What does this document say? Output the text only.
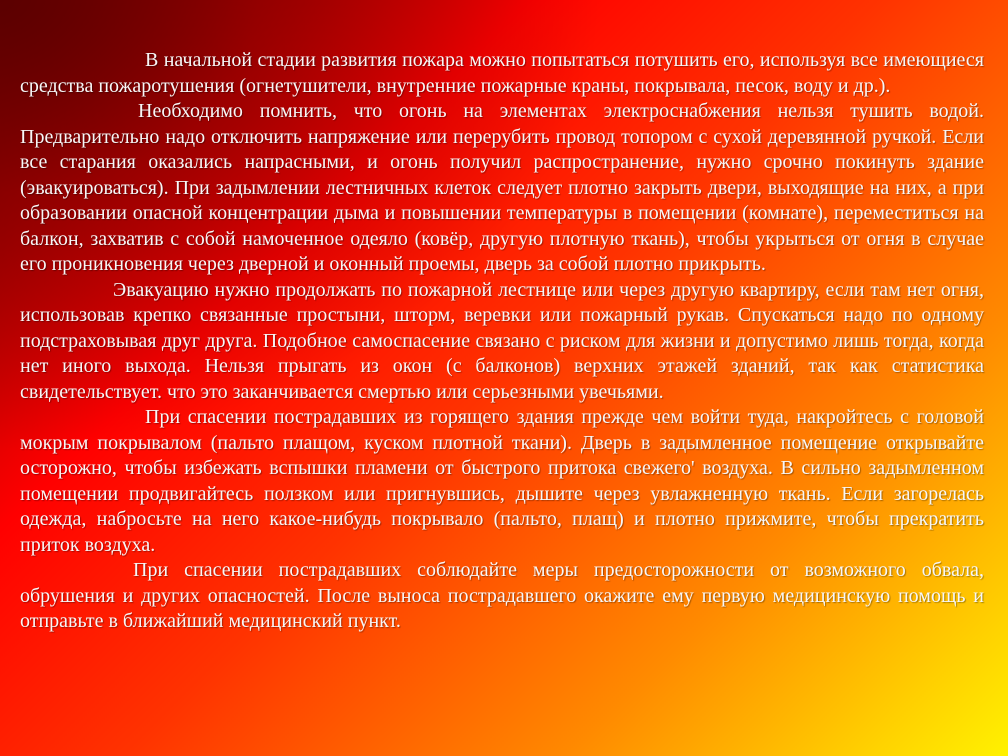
В начальной стадии развития пожара можно попытаться потушить его, используя все имеющиеся средства пожаротушения (огнетушители, внутренние пожарные краны, покрывала, песок, воду и др.).

Необходимо помнить, что огонь на элементах электроснабжения нельзя тушить водой. Предварительно надо отключить напряжение или перерубить провод топором с сухой деревянной ручкой. Если все старания оказались напрасными, и огонь получил распространение, нужно срочно покинуть здание (эвакуироваться). При задымлении лестничных клеток следует плотно закрыть двери, выходящие на них, а при образовании опасной концентрации дыма и повышении температуры в помещении (комнате), переместиться на балкон, захватив с собой намоченное одеяло (ковёр, другую плотную ткань), чтобы укрыться от огня в случае его проникновения через дверной и оконный проемы, дверь за собой плотно прикрыть.

Эвакуацию нужно продолжать по пожарной лестнице или через другую квартиру, если там нет огня, использовав крепко связанные простыни, шторм, веревки или пожарный рукав. Спускаться надо по одному подстраховывая друг друга. Подобное самоспасение связано с риском для жизни и допустимо лишь тогда, когда нет иного выхода. Нельзя прыгать из окон (с балконов) верхних этажей зданий, так как статистика свидетельствует. что это заканчивается смертью или серьезными увечьями.

При спасении пострадавших из горящего здания прежде чем войти туда, накройтесь с головой мокрым покрывалом (пальто плащом, куском плотной ткани). Дверь в задымленное помещение открывайте осторожно, чтобы избежать вспышки пламени от быстрого притока свежего' воздуха. В сильно задымленном помещении продвигайтесь ползком или пригнувшись, дышите через увлажненную ткань. Если загорелась одежда, набросьте на него какое-нибудь покрывало (пальто, плащ) и плотно прижмите, чтобы прекратить приток воздуха.

При спасении пострадавших соблюдайте меры предосторожности от возможного обвала, обрушения и других опасностей. После выноса пострадавшего окажите ему первую медицинскую помощь и отправьте в ближайший медицинский пункт.
